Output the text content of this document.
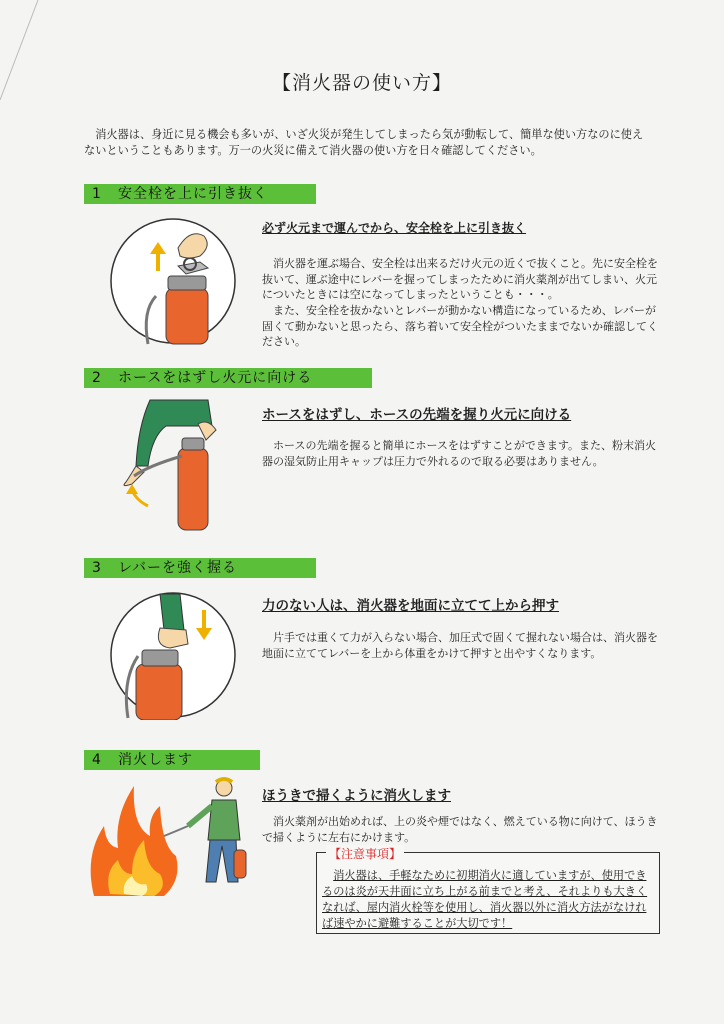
【消火器の使い方】
消火器は、身近に見る機会も多いが、いざ火災が発生してしまったら気が動転して、簡単な使い方なのに使えないということもあります。万一の火災に備えて消火器の使い方を日々確認してください。
1 安全栓を上に引き抜く
必ず火元まで運んでから、安全栓を上に引き抜く
消火器を運ぶ場合、安全栓は出来るだけ火元の近くで抜くこと。先に安全栓を抜いて、運ぶ途中にレバーを握ってしまったために消火薬剤が出てしまい、火元についたときには空になってしまったということも・・・。
また、安全栓を抜かないとレバーが動かない構造になっているため、レバーが固くて動かないと思ったら、落ち着いて安全栓がついたままでないか確認してください。
2 ホースをはずし火元に向ける
ホースをはずし、ホースの先端を握り火元に向ける
ホースの先端を握ると簡単にホースをはずすことができます。また、粉末消火器の湿気防止用キャップは圧力で外れるので取る必要はありません。
3 レバーを強く握る
力のない人は、消火器を地面に立てて上から押す
片手では重くて力が入らない場合、加圧式で固くて握れない場合は、消火器を地面に立ててレバーを上から体重をかけて押すと出やすくなります。
4 消火します
ほうきで掃くように消火します
消火薬剤が出始めれば、上の炎や煙ではなく、燃えている物に向けて、ほうきで掃くように左右にかけます。
【注意事項】
消火器は、手軽なために初期消火に適していますが、使用できるのは炎が天井面に立ち上がる前までと考え、それよりも大きくなれば、屋内消火栓等を使用し、消火器以外に消火方法がなければ速やかに避難することが大切です！
